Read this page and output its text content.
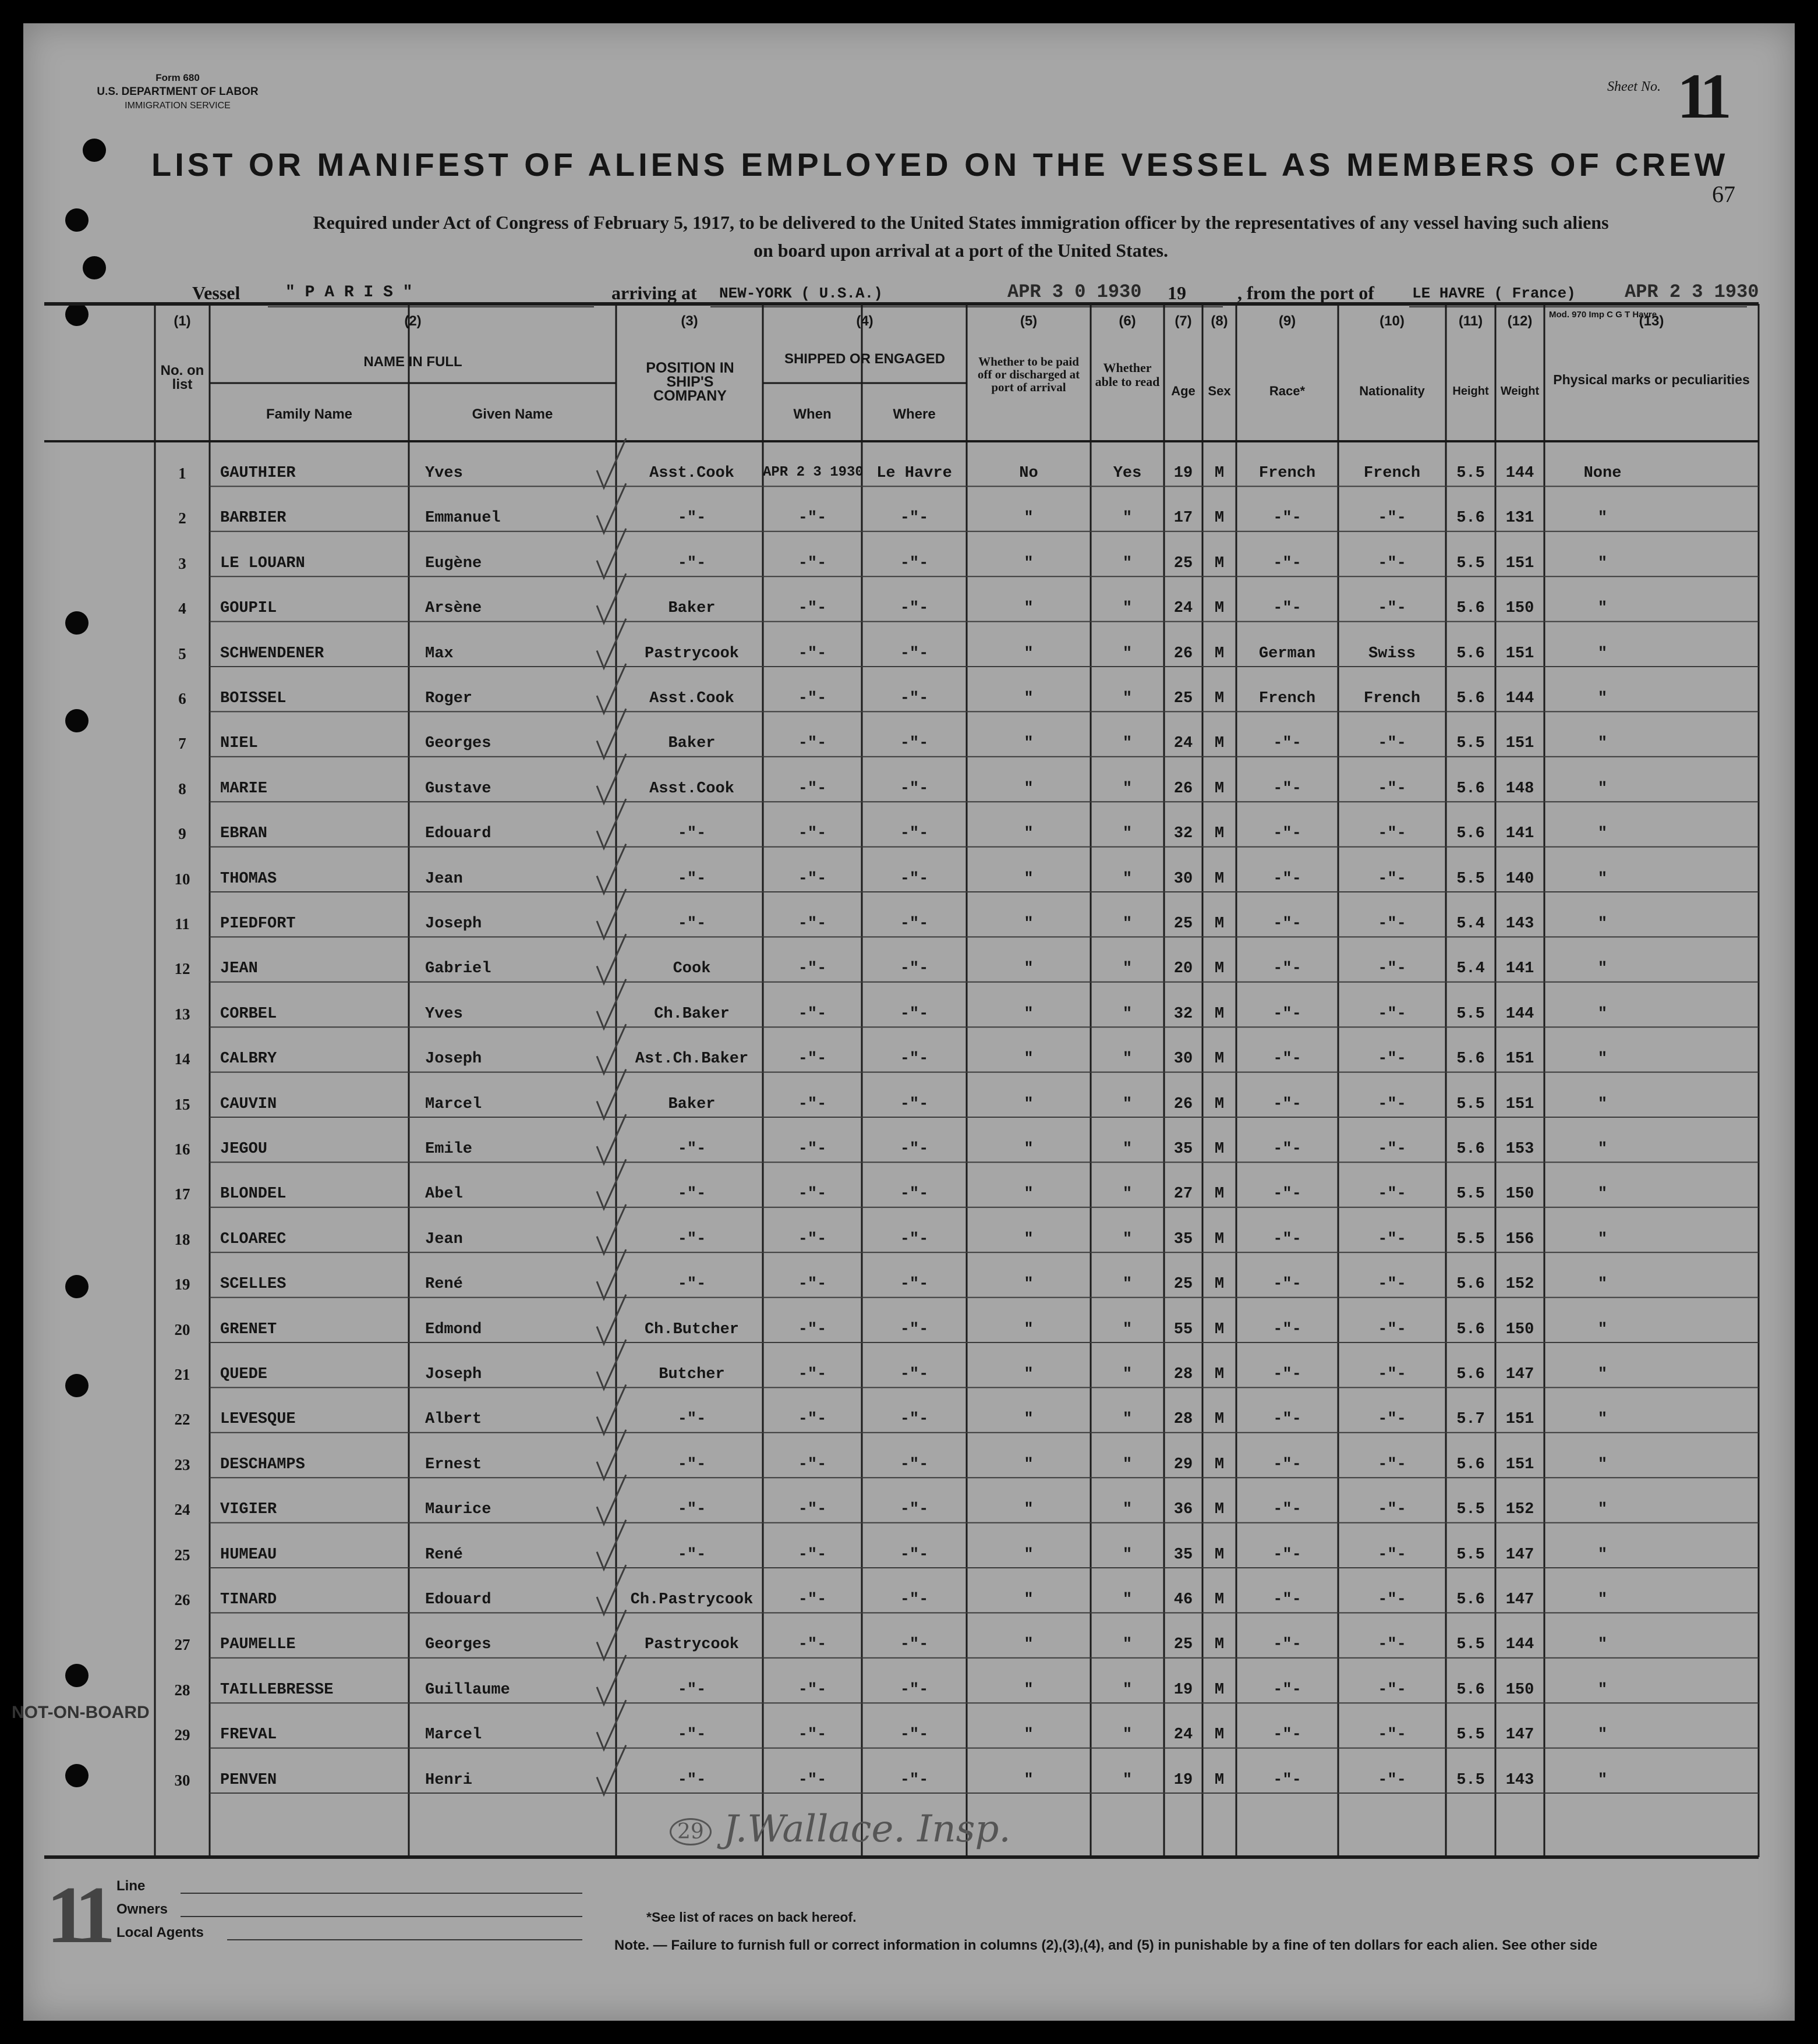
Form 680
U.S. DEPARTMENT OF LABOR
IMMIGRATION SERVICE
Sheet No. 11
67
LIST OR MANIFEST OF ALIENS EMPLOYED ON THE VESSEL AS MEMBERS OF CREW
Required under Act of Congress of February 5, 1917, to be delivered to the United States immigration officer by the representatives of any vessel having such aliens
on board upon arrival at a port of the United States.
Vessel	" P A R I S "	arriving at NEW-YORK ( U.S.A.)	APR 3 0 1930 19	, from the port of	LE HAVRE ( France)	APR 2 3 1930
Mod. 970 Imp C G T Havre
(1)
No. on list
(2)
NAME IN FULL
Family Name	Given Name
(3)
POSITION IN SHIP'S COMPANY
(4)
SHIPPED OR ENGAGED
When	Where
(5)
Whether to be paid off or discharged at port of arrival
(6)
Whether able to read
(7)
Age
(8)
Sex
(9)
Race*
(10)
Nationality
(11)
Height
(12)
Weight
(13)
Physical marks or peculiarities
1	GAUTHIER	Yves	Asst.Cook	APR 2 3 1930 Le Havre	No	Yes	19	M	French	French	5.5	144	None
2	BARBIER	Emmanuel	-"-	-"-	-"-	"	"	17	M	-"-	-"-	5.6	131	"
3	LE LOUARN	Eugène	-"-	-"-	-"-	"	"	25	M	-"-	-"-	5.5	151	"
4	GOUPIL	Arsène	Baker	-"-	-"-	"	"	24	M	-"-	-"-	5.6	150	"
5	SCHWENDENER	Max	Pastrycook	-"-	-"-	"	"	26	M	German	Swiss	5.6	151	"
6	BOISSEL	Roger	Asst.Cook	-"-	-"-	"	"	25	M	French	French	5.6	144	"
7	NIEL	Georges	Baker	-"-	-"-	"	"	24	M	-"-	-"-	5.5	151	"
8	MARIE	Gustave	Asst.Cook	-"-	-"-	"	"	26	M	-"-	-"-	5.6	148	"
9	EBRAN	Edouard	-"-	-"-	-"-	"	"	32	M	-"-	-"-	5.6	141	"
10	THOMAS	Jean	-"-	-"-	-"-	"	"	30	M	-"-	-"-	5.5	140	"
11	PIEDFORT	Joseph	-"-	-"-	-"-	"	"	25	M	-"-	-"-	5.4	143	"
12	JEAN	Gabriel	Cook	-"-	-"-	"	"	20	M	-"-	-"-	5.4	141	"
13	CORBEL	Yves	Ch.Baker	-"-	-"-	"	"	32	M	-"-	-"-	5.5	144	"
14	CALBRY	Joseph	Ast.Ch.Baker	-"-	-"-	"	"	30	M	-"-	-"-	5.6	151	"
15	CAUVIN	Marcel	Baker	-"-	-"-	"	"	26	M	-"-	-"-	5.5	151	"
16	JEGOU	Emile	-"-	-"-	-"-	"	"	35	M	-"-	-"-	5.6	153	"
17	BLONDEL	Abel	-"-	-"-	-"-	"	"	27	M	-"-	-"-	5.5	150	"
18	CLOAREC	Jean	-"-	-"-	-"-	"	"	35	M	-"-	-"-	5.5	156	"
19	SCELLES	René	-"-	-"-	-"-	"	"	25	M	-"-	-"-	5.6	152	"
20	GRENET	Edmond	Ch.Butcher	-"-	-"-	"	"	55	M	-"-	-"-	5.6	150	"
21	QUEDE	Joseph	Butcher	-"-	-"-	"	"	28	M	-"-	-"-	5.6	147	"
22	LEVESQUE	Albert	-"-	-"-	-"-	"	"	28	M	-"-	-"-	5.7	151	"
23	DESCHAMPS	Ernest	-"-	-"-	-"-	"	"	29	M	-"-	-"-	5.6	151	"
24	VIGIER	Maurice	-"-	-"-	-"-	"	"	36	M	-"-	-"-	5.5	152	"
25	HUMEAU	René	-"-	-"-	-"-	"	"	35	M	-"-	-"-	5.5	147	"
26	TINARD	Edouard	Ch.Pastrycook	-"-	-"-	"	"	46	M	-"-	-"-	5.6	147	"
27	PAUMELLE	Georges	Pastrycook	-"-	-"-	"	"	25	M	-"-	-"-	5.5	144	"
28	TAILLEBRESSE	Guillaume	-"-	-"-	-"-	"	"	19	M	-"-	-"-	5.6	150	"
29	FREVAL	Marcel	-"-	-"-	-"-	"	"	24	M	-"-	-"-	5.5	147	"
30	PENVEN	Henri	-"-	-"-	-"-	"	"	19	M	-"-	-"-	5.5	143	"
NOT-ON-BOARD
29 J.Wallace. Insp.
11 Line
Owners
Local Agents
*See list of races on back hereof.
Note. — Failure to furnish full or correct information in columns (2),(3),(4), and (5) in punishable by a fine of ten dollars for each alien. See other side
